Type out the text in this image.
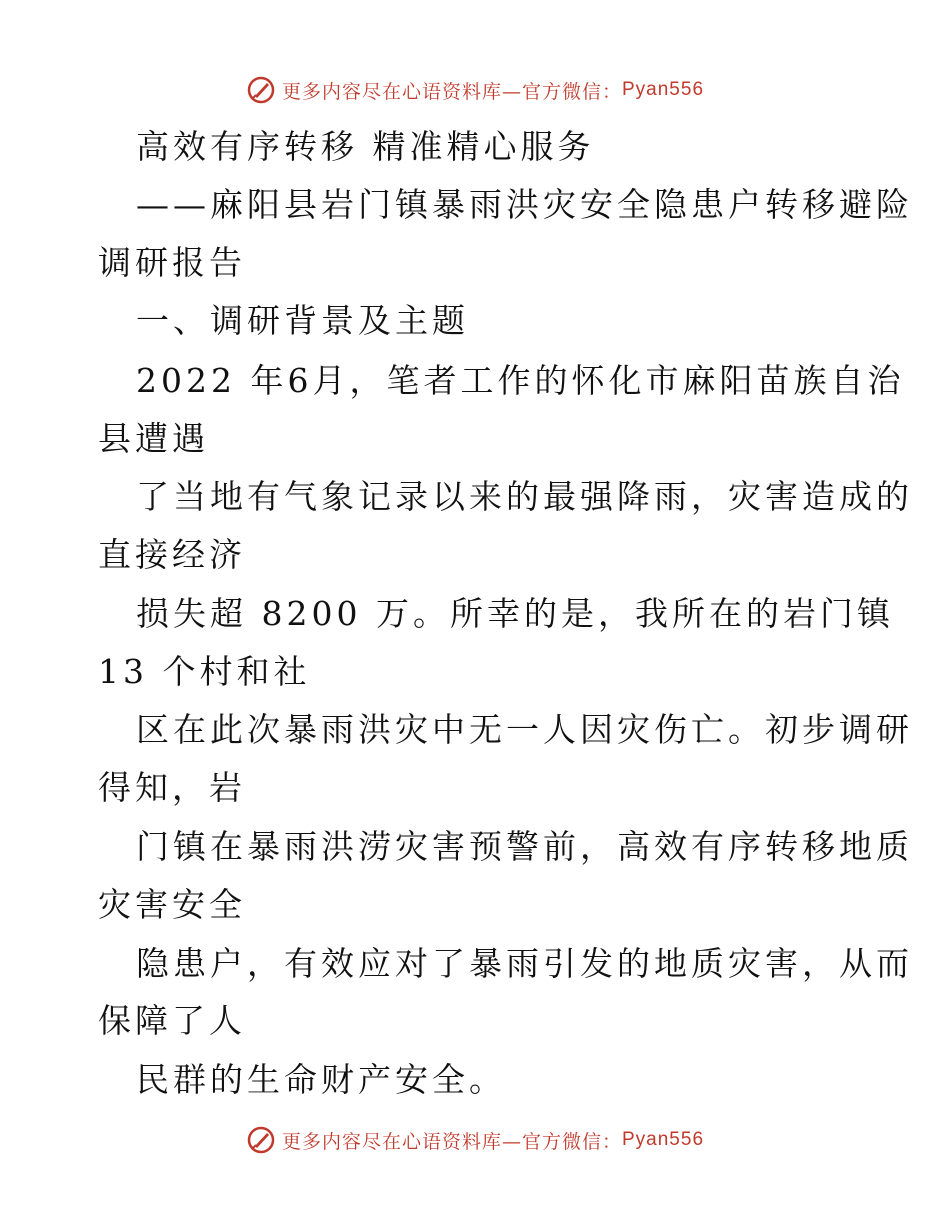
更多内容尽在心语资料库—官方微信： Pyan556
高效有序转移 精准精心服务
——麻阳县岩门镇暴雨洪灾安全隐患户转移避险
调研报告
一、调研背景及主题
2022 年6月，笔者工作的怀化市麻阳苗族自治
县遭遇
了当地有气象记录以来的最强降雨，灾害造成的
直接经济
损失超 8200 万。所幸的是，我所在的岩门镇
13 个村和社
区在此次暴雨洪灾中无一人因灾伤亡。初步调研
得知，岩
门镇在暴雨洪涝灾害预警前，高效有序转移地质
灾害安全
隐患户，有效应对了暴雨引发的地质灾害，从而
保障了人
民群的生命财产安全。
更多内容尽在心语资料库—官方微信： Pyan556
